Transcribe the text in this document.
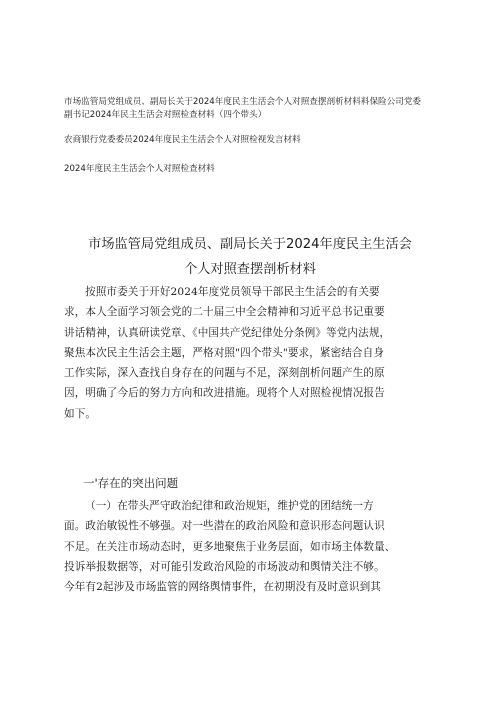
市场监管局党组成员、副局长关于2024年度民主生活会个人对照查摆剖析材料料保险公司党委

副书记2024年民主生活会对照检查材料（四个带头）

农商银行党委委员2024年度民主生活会个人对照检视发言材料

2024年度民主生活会个人对照检查材料

市场监管局党组成员、副局长关于2024年度民主生活会
个人对照查摆剖析材料
按照市委关于开好2024年度党员领导干部民主生活会的有关要
求，本人全面学习领会党的二十届三中全会精神和习近平总书记重要
讲话精神，认真研读党章、《中国共产党纪律处分条例》等党内法规，
聚焦本次民主生活会主题，严格对照"四个带头"要求，紧密结合自身
工作实际，深入查找自身存在的问题与不足，深刻剖析问题产生的原
因，明确了今后的努力方向和改进措施。现将个人对照检视情况报告
如下。
一'存在的突出问题
（一）在带头严守政治纪律和政治规矩，维护党的团结统一方
面。政治敏锐性不够强。对一些潜在的政治风险和意识形态问题认识
不足。在关注市场动态时，更多地聚焦于业务层面，如市场主体数量、
投诉举报数据等，对可能引发政治风险的市场波动和舆情关注不够。
今年有2起涉及市场监管的网络舆情事件，在初期没有及时意识到其
